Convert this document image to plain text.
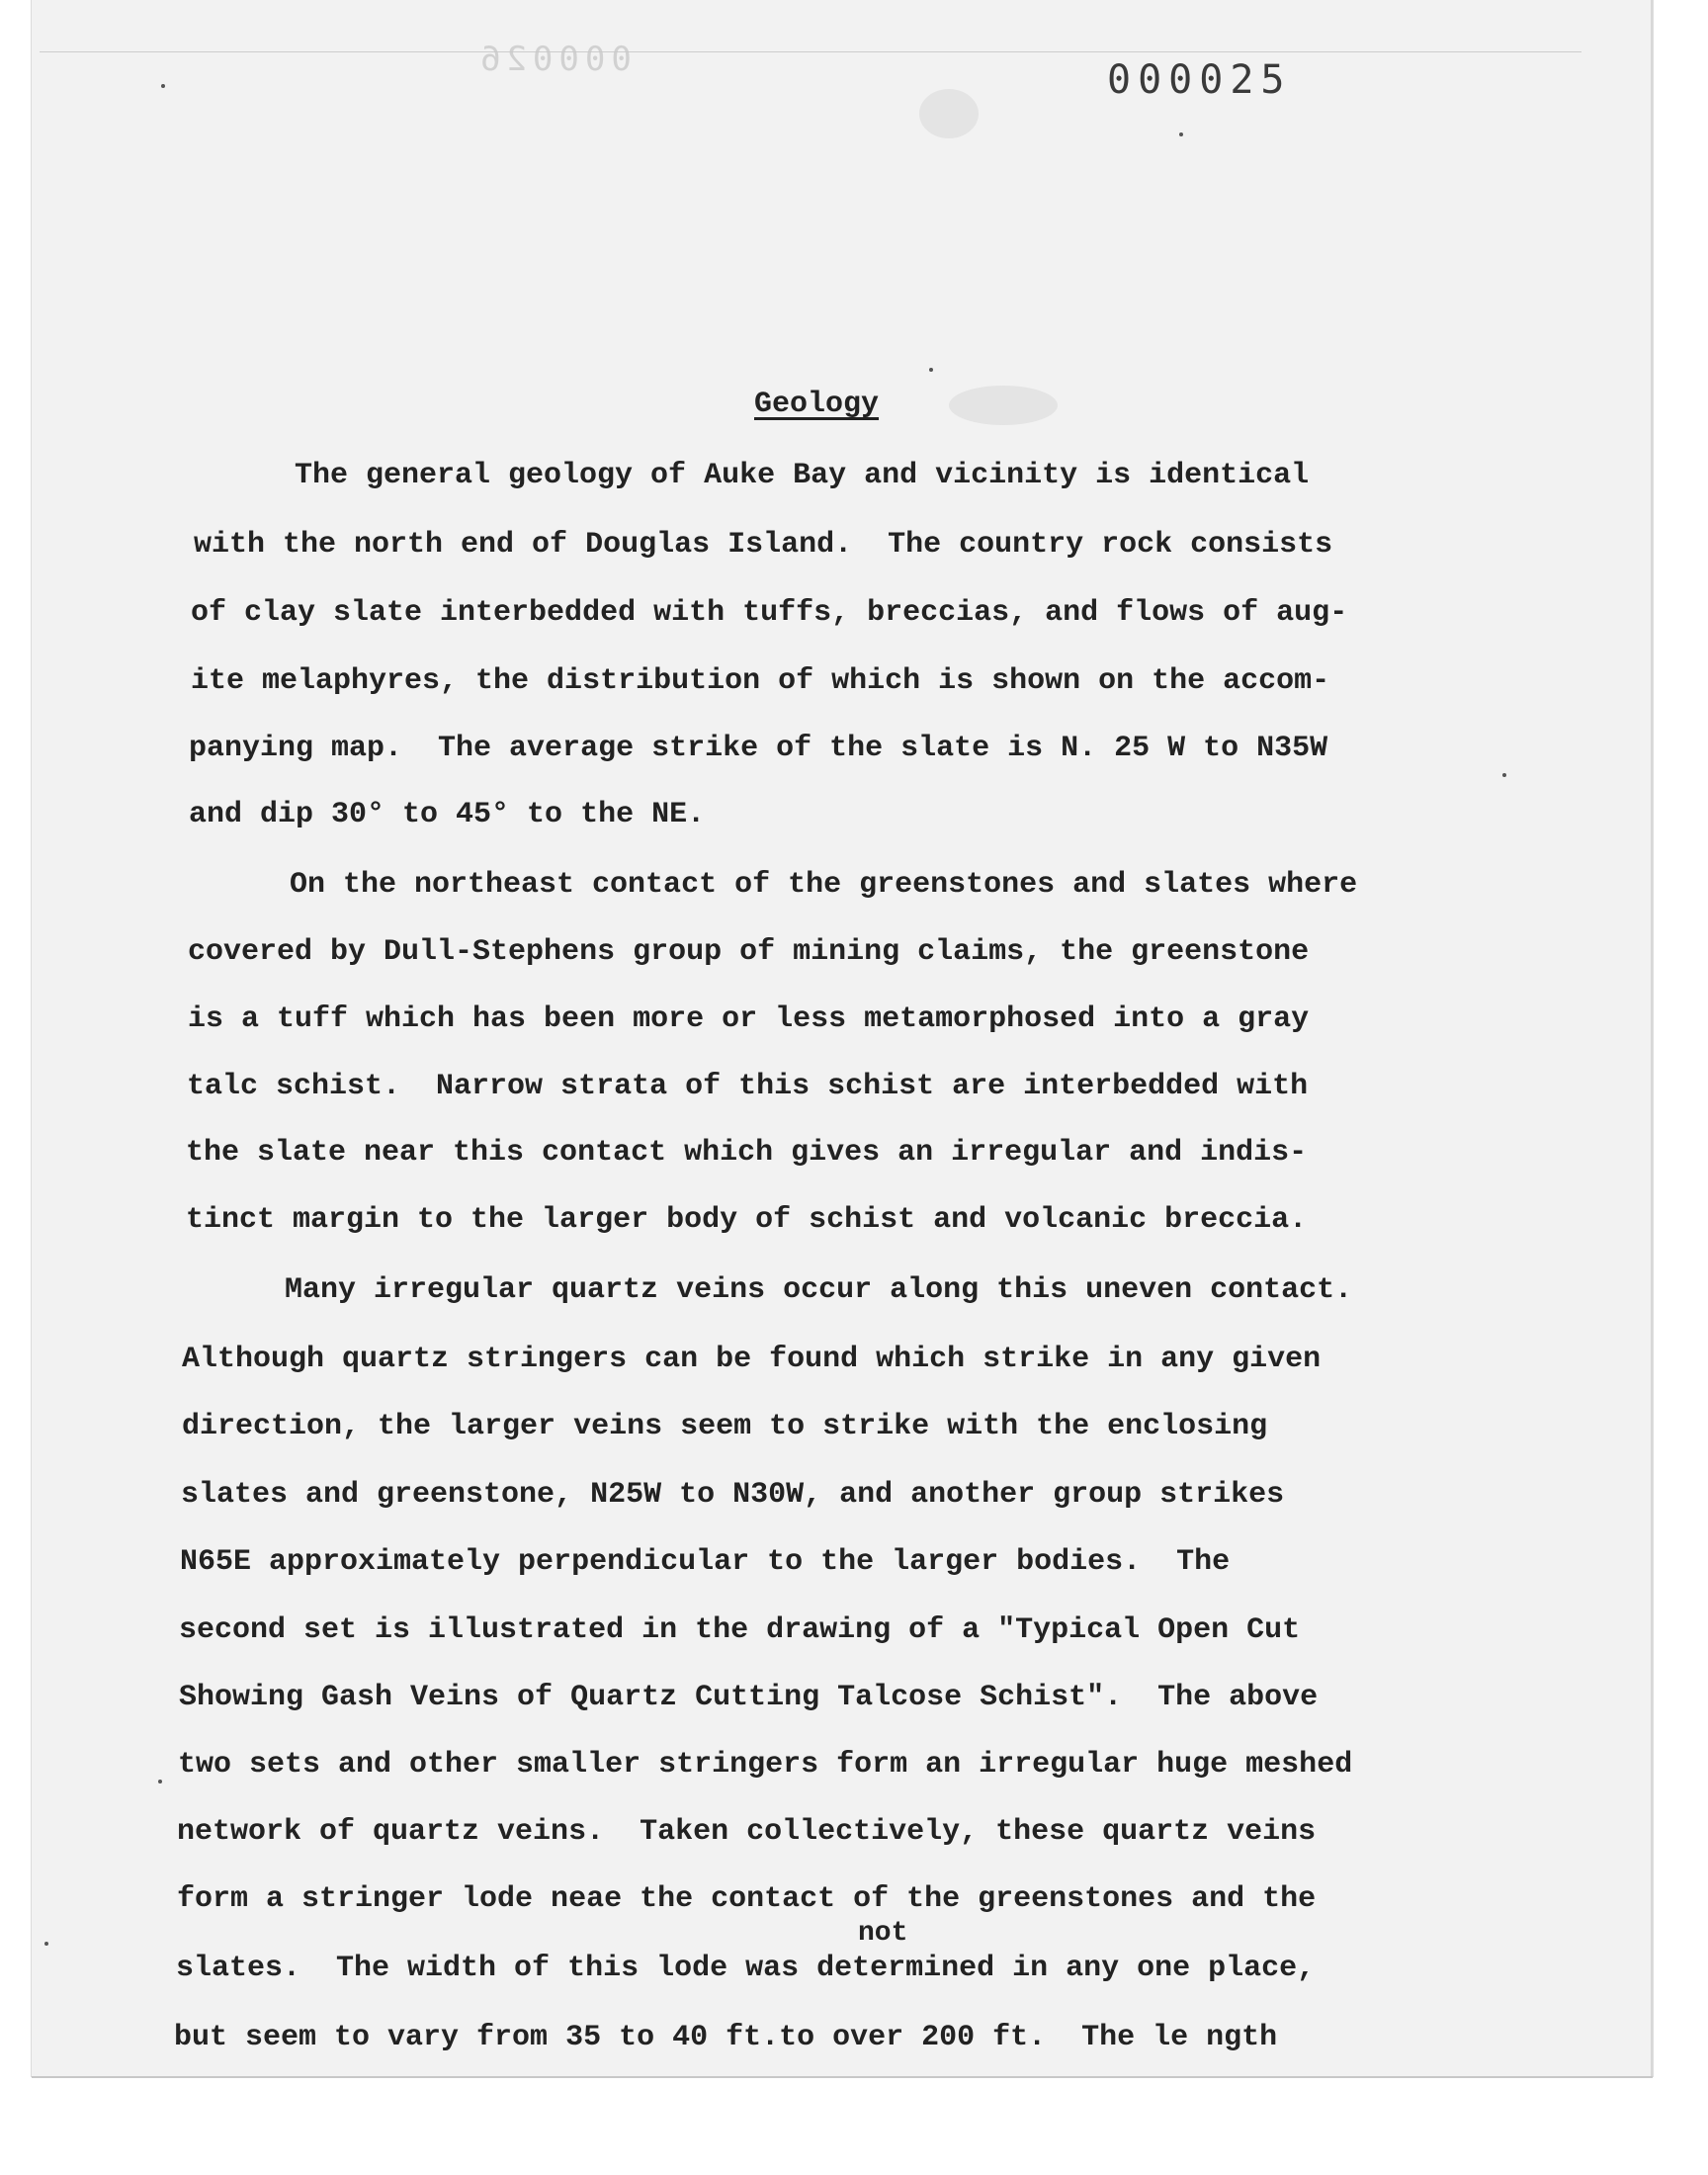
000026	000025
Geology
The general geology of Auke Bay and vicinity is identical
with the north end of Douglas Island.  The country rock consists
of clay slate interbedded with tuffs, breccias, and flows of aug-
ite melaphyres, the distribution of which is shown on the accom-
panying map.  The average strike of the slate is N. 25 W to N35W
and dip 30° to 45° to the NE.
On the northeast contact of the greenstones and slates where
covered by Dull-Stephens group of mining claims, the greenstone
is a tuff which has been more or less metamorphosed into a gray
talc schist.  Narrow strata of this schist are interbedded with
the slate near this contact which gives an irregular and indis-
tinct margin to the larger body of schist and volcanic breccia.
Many irregular quartz veins occur along this uneven contact.
Although quartz stringers can be found which strike in any given
direction, the larger veins seem to strike with the enclosing
slates and greenstone, N25W to N30W, and another group strikes
N65E approximately perpendicular to the larger bodies.  The
second set is illustrated in the drawing of a "Typical Open Cut
Showing Gash Veins of Quartz Cutting Talcose Schist".  The above
two sets and other smaller stringers form an irregular huge meshed
network of quartz veins.  Taken collectively, these quartz veins
form a stringer lode neae the contact of the greenstones and the
slates.  The width of this lode was determined in any one place,
but seem to vary from 35 to 40 ft.to over 200 ft.  The le ngth
not
